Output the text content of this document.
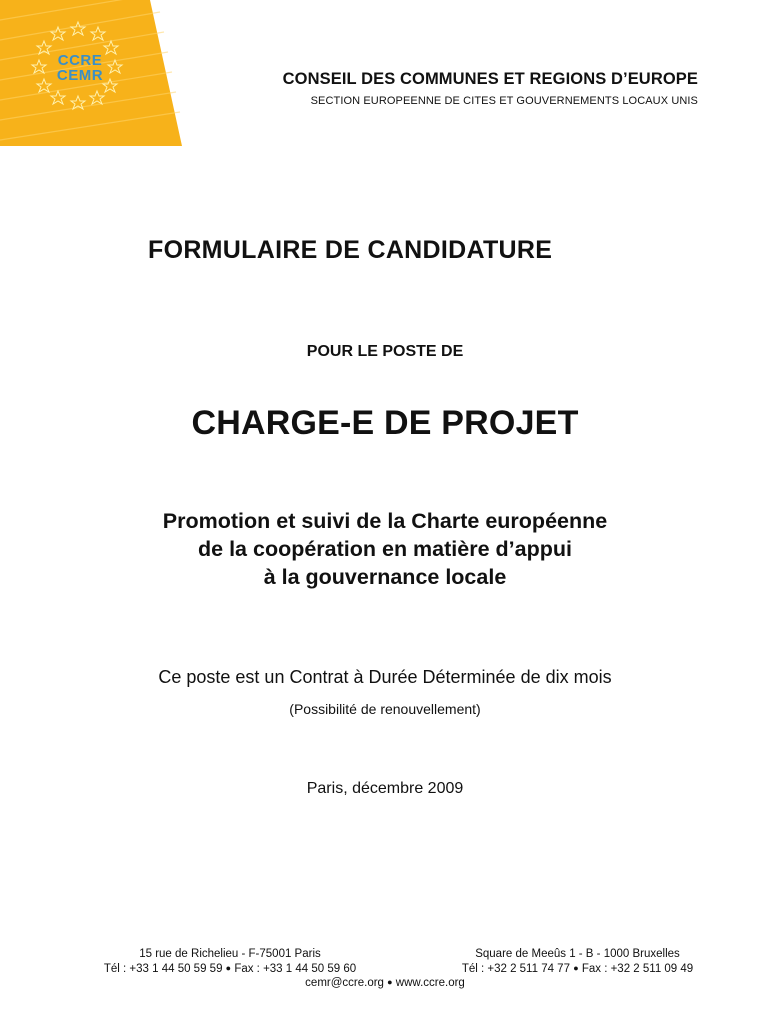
CCRE
CEMR	CONSEIL DES COMMUNES ET REGIONS D’EUROPE
SECTION EUROPEENNE DE CITES ET GOUVERNEMENTS LOCAUX UNIS
FORMULAIRE DE CANDIDATURE
POUR LE POSTE DE
CHARGE-E DE PROJET
Promotion et suivi de la Charte européenne
de la coopération en matière d’appui
à la gouvernance locale
Ce poste est un Contrat à Durée Déterminée de dix mois
(Possibilité de renouvellement)
Paris, décembre 2009
15 rue de Richelieu - F-75001 Paris
Tél : +33 1 44 50 59 59 ● Fax : +33 1 44 50 59 60
Square de Meeûs 1 - B - 1000 Bruxelles
Tél : +32 2 511 74 77 ● Fax : +32 2 511 09 49
cemr@ccre.org ● www.ccre.org
